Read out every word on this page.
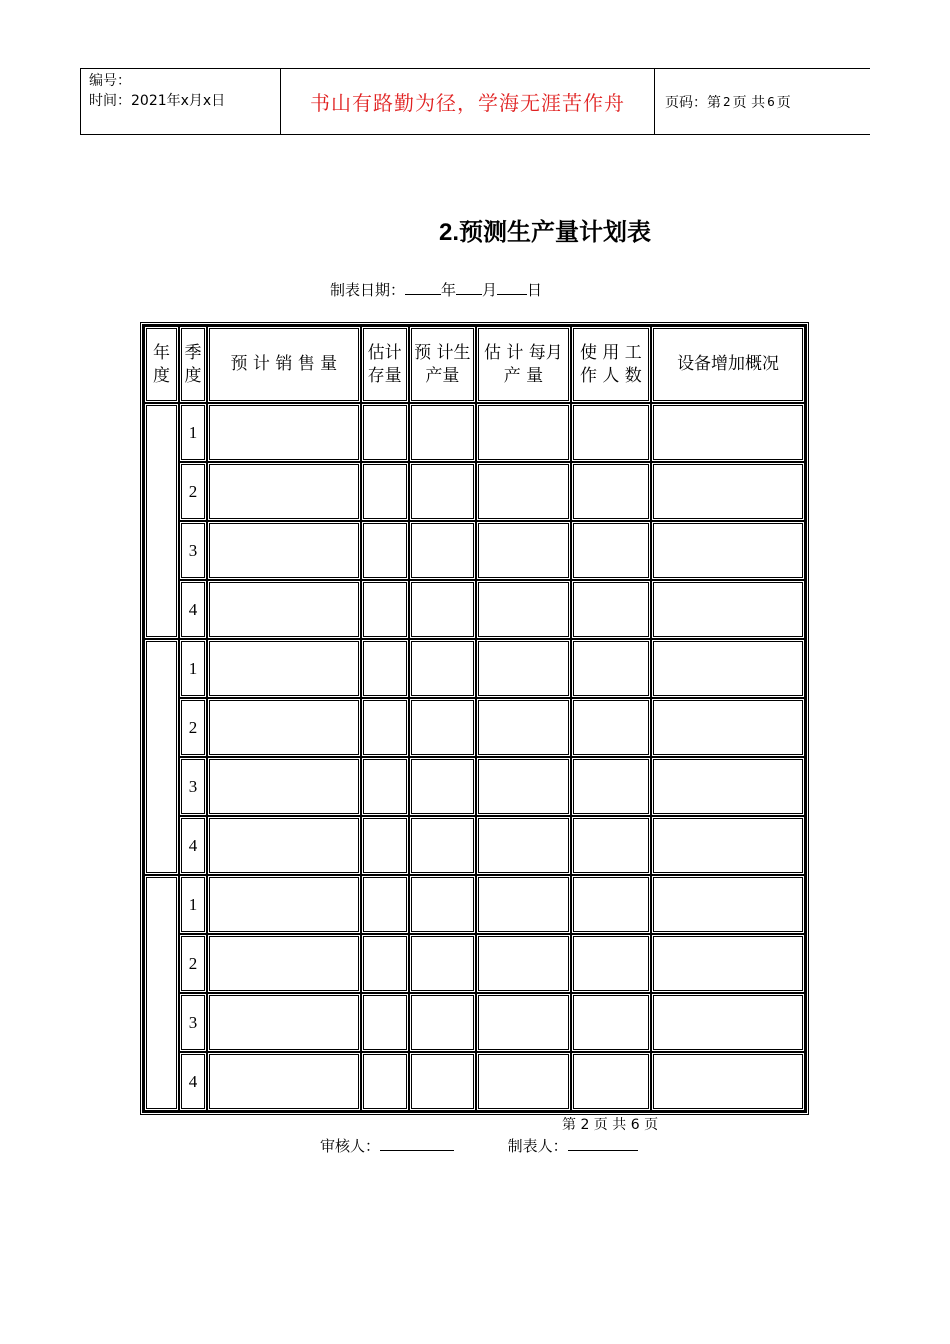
编号：
时间：2021年x月x日	书山有路勤为径，学海无涯苦作舟	页码：第 2 页 共 6 页
2.预测生产量计划表
制表日期： 年 月 日
年度	季度	预 计 销 售 量	估计存量	预 计生产量	估 计 每月 产 量	使 用 工 作 人 数	设备增加概况
	1						
	2						
	3						
	4						
	1						
	2						
	3						
	4						
	1						
	2						
	3						
	4						
第 2 页 共 6 页
审核人：	制表人：
